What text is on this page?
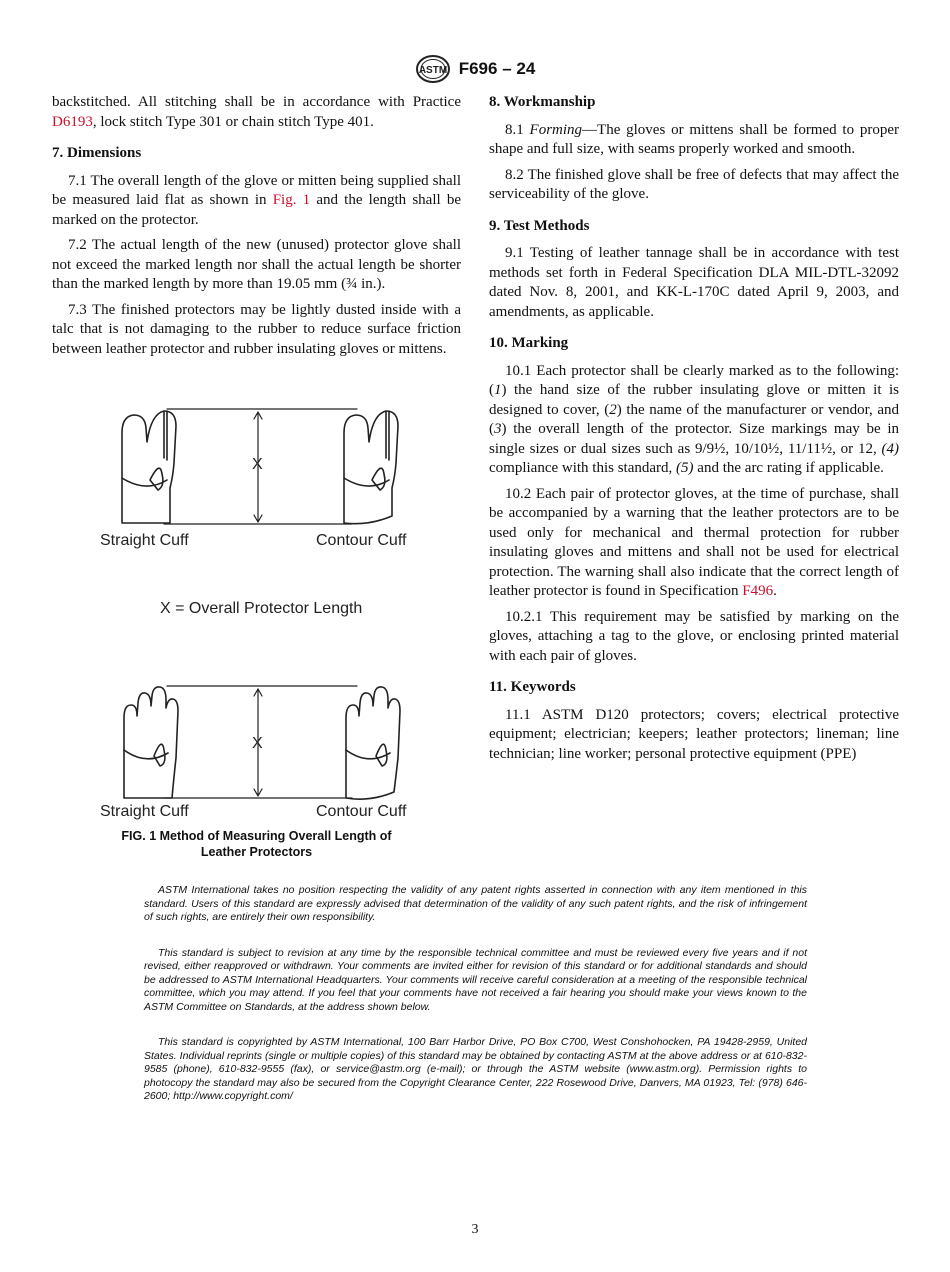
ASTM F696 – 24

backstitched. All stitching shall be in accordance with Practice D6193, lock stitch Type 301 or chain stitch Type 401.

7. Dimensions

7.1 The overall length of the glove or mitten being supplied shall be measured laid flat as shown in Fig. 1 and the length shall be marked on the protector.

7.2 The actual length of the new (unused) protector glove shall not exceed the marked length nor shall the actual length be shorter than the marked length by more than 19.05 mm (¾ in.).

7.3 The finished protectors may be lightly dusted inside with a talc that is not damaging to the rubber to reduce surface friction between leather protector and rubber insulating gloves or mittens.

X
Straight Cuff	Contour Cuff
X = Overall Protector Length
X
Straight Cuff	Contour Cuff
FIG. 1 Method of Measuring Overall Length of
Leather Protectors
8. Workmanship

8.1 Forming—The gloves or mittens shall be formed to proper shape and full size, with seams properly worked and smooth.

8.2 The finished glove shall be free of defects that may affect the serviceability of the glove.

9. Test Methods

9.1 Testing of leather tannage shall be in accordance with test methods set forth in Federal Specification DLA MIL-DTL-32092 dated Nov. 8, 2001, and KK-L-170C dated April 9, 2003, and amendments, as applicable.

10. Marking

10.1 Each protector shall be clearly marked as to the following: (1) the hand size of the rubber insulating glove or mitten it is designed to cover, (2) the name of the manufacturer or vendor, and (3) the overall length of the protector. Size markings may be in single sizes or dual sizes such as 9/9½, 10/10½, 11/11½, or 12, (4) compliance with this standard, (5) and the arc rating if applicable.

10.2 Each pair of protector gloves, at the time of purchase, shall be accompanied by a warning that the leather protectors are to be used only for mechanical and thermal protection for rubber insulating gloves and mittens and shall not be used for electrical protection. The warning shall also indicate that the correct length of leather protector is found in Specification F496.

10.2.1 This requirement may be satisfied by marking on the gloves, attaching a tag to the glove, or enclosing printed material with each pair of gloves.

11. Keywords

11.1 ASTM D120 protectors; covers; electrical protective equipment; electrician; keepers; leather protectors; lineman; line technician; line worker; personal protective equipment (PPE)

ASTM International takes no position respecting the validity of any patent rights asserted in connection with any item mentioned in this standard. Users of this standard are expressly advised that determination of the validity of any such patent rights, and the risk of infringement of such rights, are entirely their own responsibility.

This standard is subject to revision at any time by the responsible technical committee and must be reviewed every five years and if not revised, either reapproved or withdrawn. Your comments are invited either for revision of this standard or for additional standards and should be addressed to ASTM International Headquarters. Your comments will receive careful consideration at a meeting of the responsible technical committee, which you may attend. If you feel that your comments have not received a fair hearing you should make your views known to the ASTM Committee on Standards, at the address shown below.

This standard is copyrighted by ASTM International, 100 Barr Harbor Drive, PO Box C700, West Conshohocken, PA 19428-2959, United States. Individual reprints (single or multiple copies) of this standard may be obtained by contacting ASTM at the above address or at 610-832-9585 (phone), 610-832-9555 (fax), or service@astm.org (e-mail); or through the ASTM website (www.astm.org). Permission rights to photocopy the standard may also be secured from the Copyright Clearance Center, 222 Rosewood Drive, Danvers, MA 01923, Tel: (978) 646-2600; http://www.copyright.com/

3
